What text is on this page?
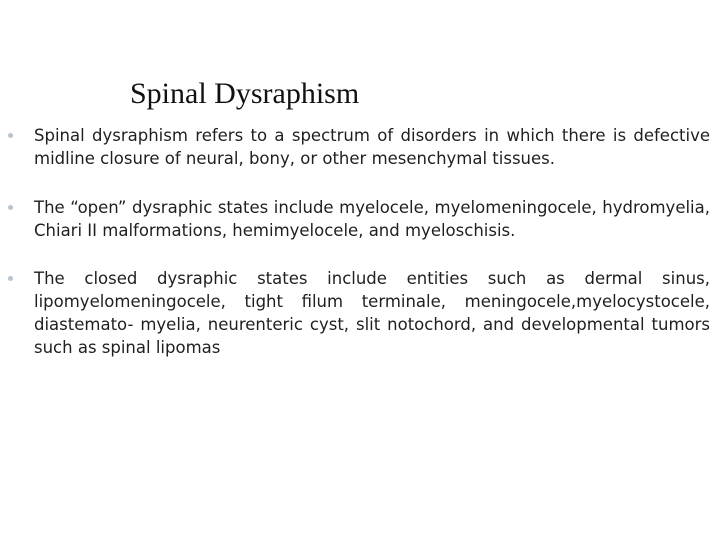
Spinal Dysraphism
Spinal dysraphism refers to a spectrum of disorders in which there is defective midline closure of neural, bony, or other mesenchymal tissues.
The “open” dysraphic states include myelocele, myelomeningocele, hydromyelia, Chiari II malformations, hemimyelocele, and myeloschisis.
The closed dysraphic states include entities such as dermal sinus, lipomyelomeningocele, tight filum terminale, meningocele,myelocystocele, diastemato- myelia, neurenteric cyst, slit notochord, and developmental tumors such as spinal lipomas
